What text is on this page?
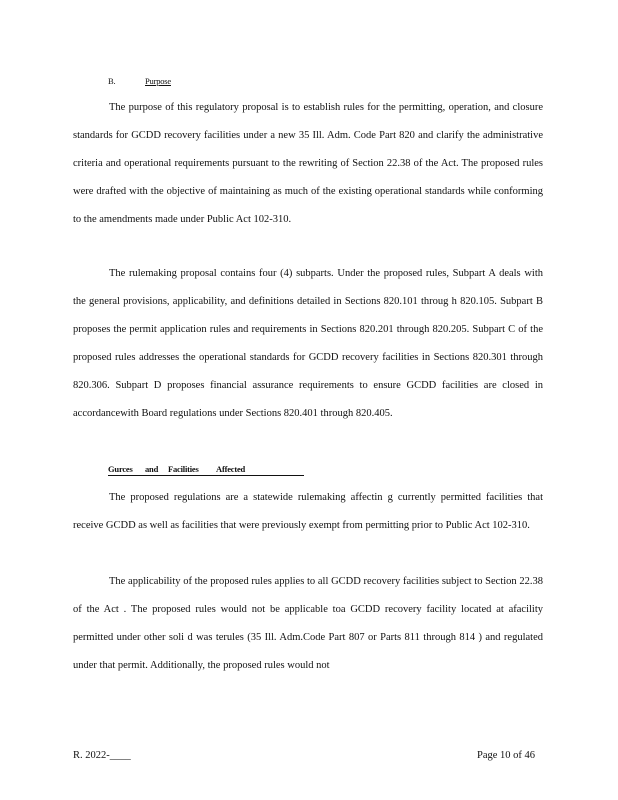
B.	Purpose
The purpose of this regulatory proposal is to establish rules for the permitting, operation, and closure standards for GCDD recovery facilities under a new 35 Ill. Adm. Code Part 820 and clarify the administrative criteria and operational requirements pursuant to the rewriting of Section 22.38 of the Act. The proposed rules were drafted with the objective of maintaining as much of the existing operational standards while conforming to the amendments made under Public Act 102-310.
The rulemaking proposal contains four (4) subparts. Under the proposed rules, Subpart A deals with the general provisions, applicability, and definitions detailed in Sections 820.101 throug h 820.105. Subpart B proposes the permit application rules and requirements in Sections 820.201 through 820.205. Subpart C of the proposed rules addresses the operational standards for GCDD recovery facilities in Sections 820.301 through 820.306. Subpart D proposes financial assurance requirements to ensure GCDD facilities are closed in accordancewith Board regulations under Sections 820.401 through 820.405.
Gurces and Facilities Affected
The proposed regulations are a statewide rulemaking affectin g currently permitted facilities that receive GCDD as well as facilities that were previously exempt from permitting prior to Public Act 102-310.
The applicability of the proposed rules applies to all GCDD recovery facilities subject to Section 22.38 of the Act . The proposed rules would not be applicable toa GCDD recovery facility located at afacility permitted under other soli d was terules (35 Ill. Adm.Code Part 807 or Parts 811 through 814 ) and regulated under that permit. Additionally, the proposed rules would not
R. 2022-____	Page 10 of 46
